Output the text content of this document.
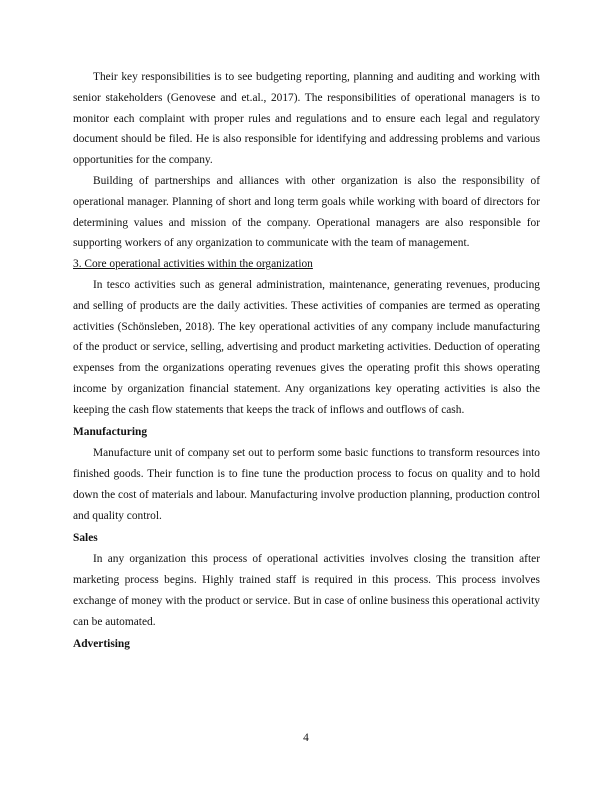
Their key responsibilities is to see budgeting reporting, planning and auditing and working with senior stakeholders (Genovese and et.al., 2017). The responsibilities of operational managers is to monitor each complaint with proper rules and regulations and to ensure each legal and regulatory document should be filed. He is also responsible for identifying and addressing problems and various opportunities for the company.

Building of partnerships and alliances with other organization is also the responsibility of operational manager. Planning of short and long term goals while working with board of directors for determining values and mission of the company. Operational managers are also responsible for supporting workers of any organization to communicate with the team of management.

3. Core operational activities within the organization

In tesco activities such as general administration, maintenance, generating revenues, producing and selling of products are the daily activities. These activities of companies are termed as operating activities (Schönsleben, 2018). The key operational activities of any company include manufacturing of the product or service, selling, advertising and product marketing activities. Deduction of operating expenses from the organizations operating revenues gives the operating profit this shows operating income by organization financial statement. Any organizations key operating activities is also the keeping the cash flow statements that keeps the track of inflows and outflows of cash.

Manufacturing

Manufacture unit of company set out to perform some basic functions to transform resources into finished goods. Their function is to fine tune the production process to focus on quality and to hold down the cost of materials and labour. Manufacturing involve production planning, production control and quality control.

Sales

In any organization this process of operational activities involves closing the transition after marketing process begins. Highly trained staff is required in this process. This process involves exchange of money with the product or service. But in case of online business this operational activity can be automated.

Advertising
4
